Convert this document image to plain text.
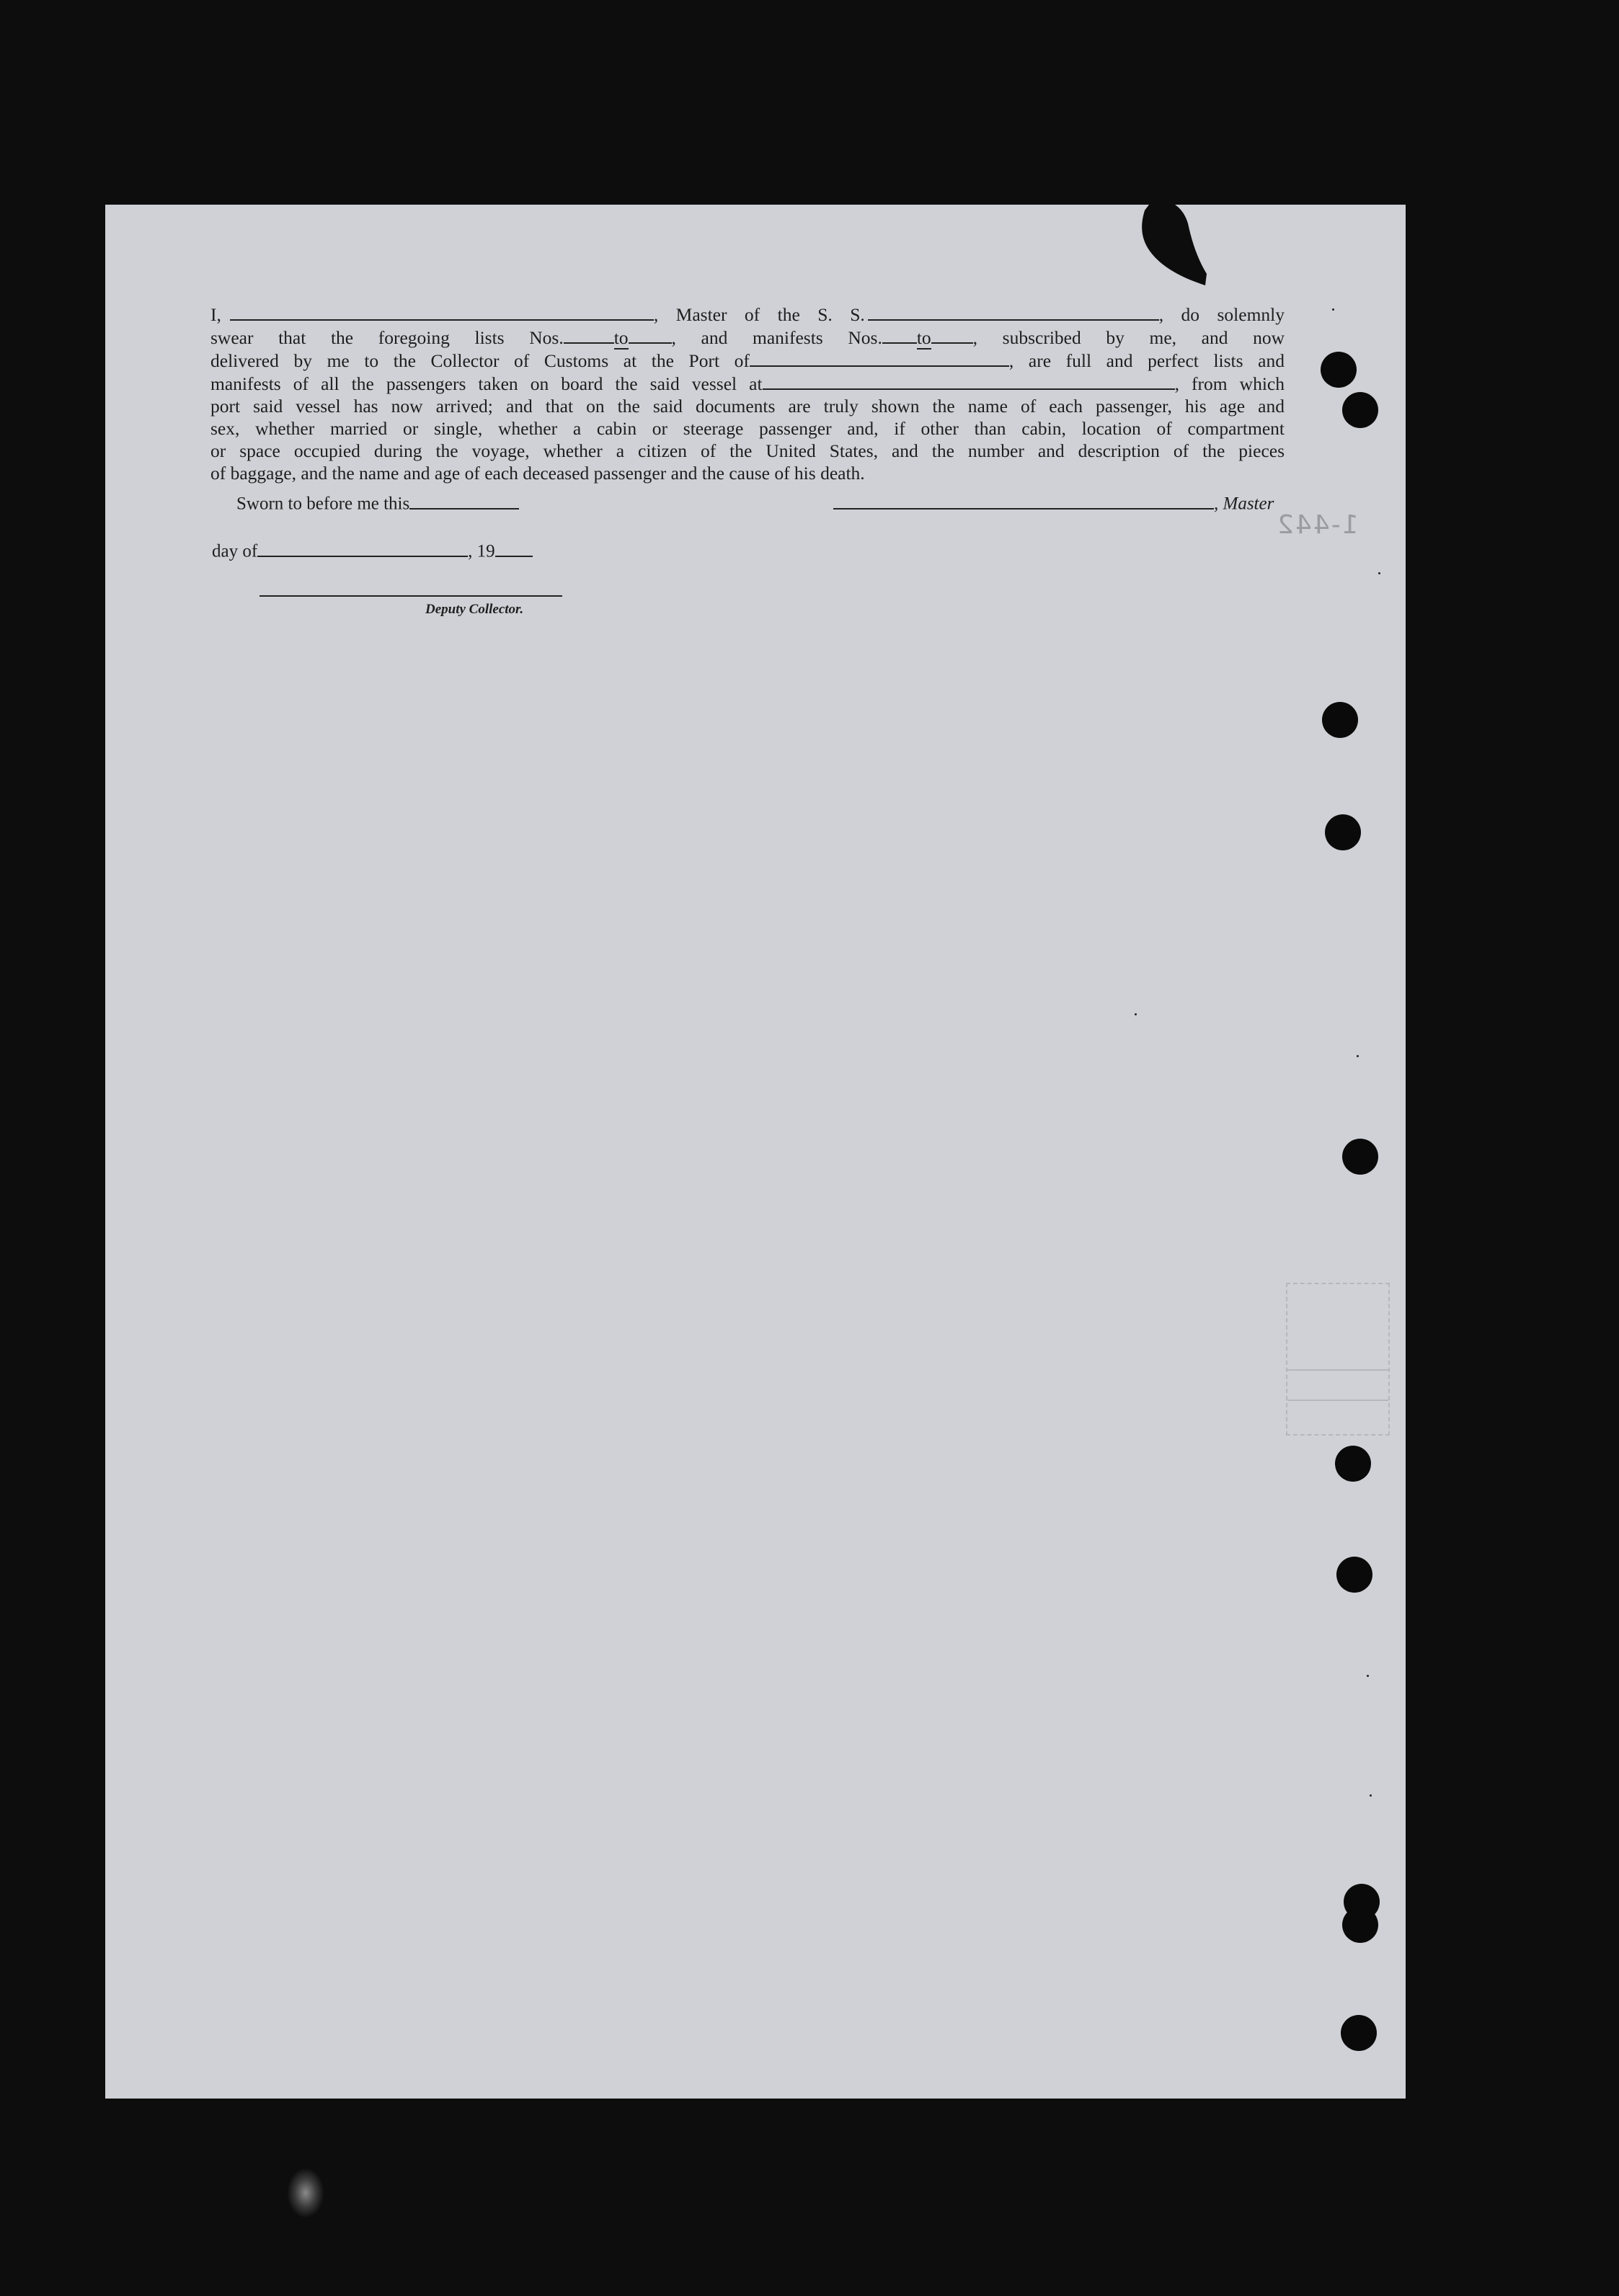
I,	, Master of the S. S.	, do solemnly

swear that the foregoing lists Nos.	to , and manifests Nos. to , subscribed by me, and now

delivered by me to the Collector of Customs at the Port of	, are full and perfect lists and

manifests of all the passengers taken on board the said vessel at	, from which

port said vessel has now arrived; and that on the said documents are truly shown the name of each passenger, his age and

sex, whether married or single, whether a cabin or steerage passenger and, if other than cabin, location of compartment

or space occupied during the voyage, whether a citizen of the United States, and the number and description of the pieces

of baggage, and the name and age of each deceased passenger and the cause of his death.

Sworn to before me this	, Master
1-442
day of	, 19
Deputy Collector.
